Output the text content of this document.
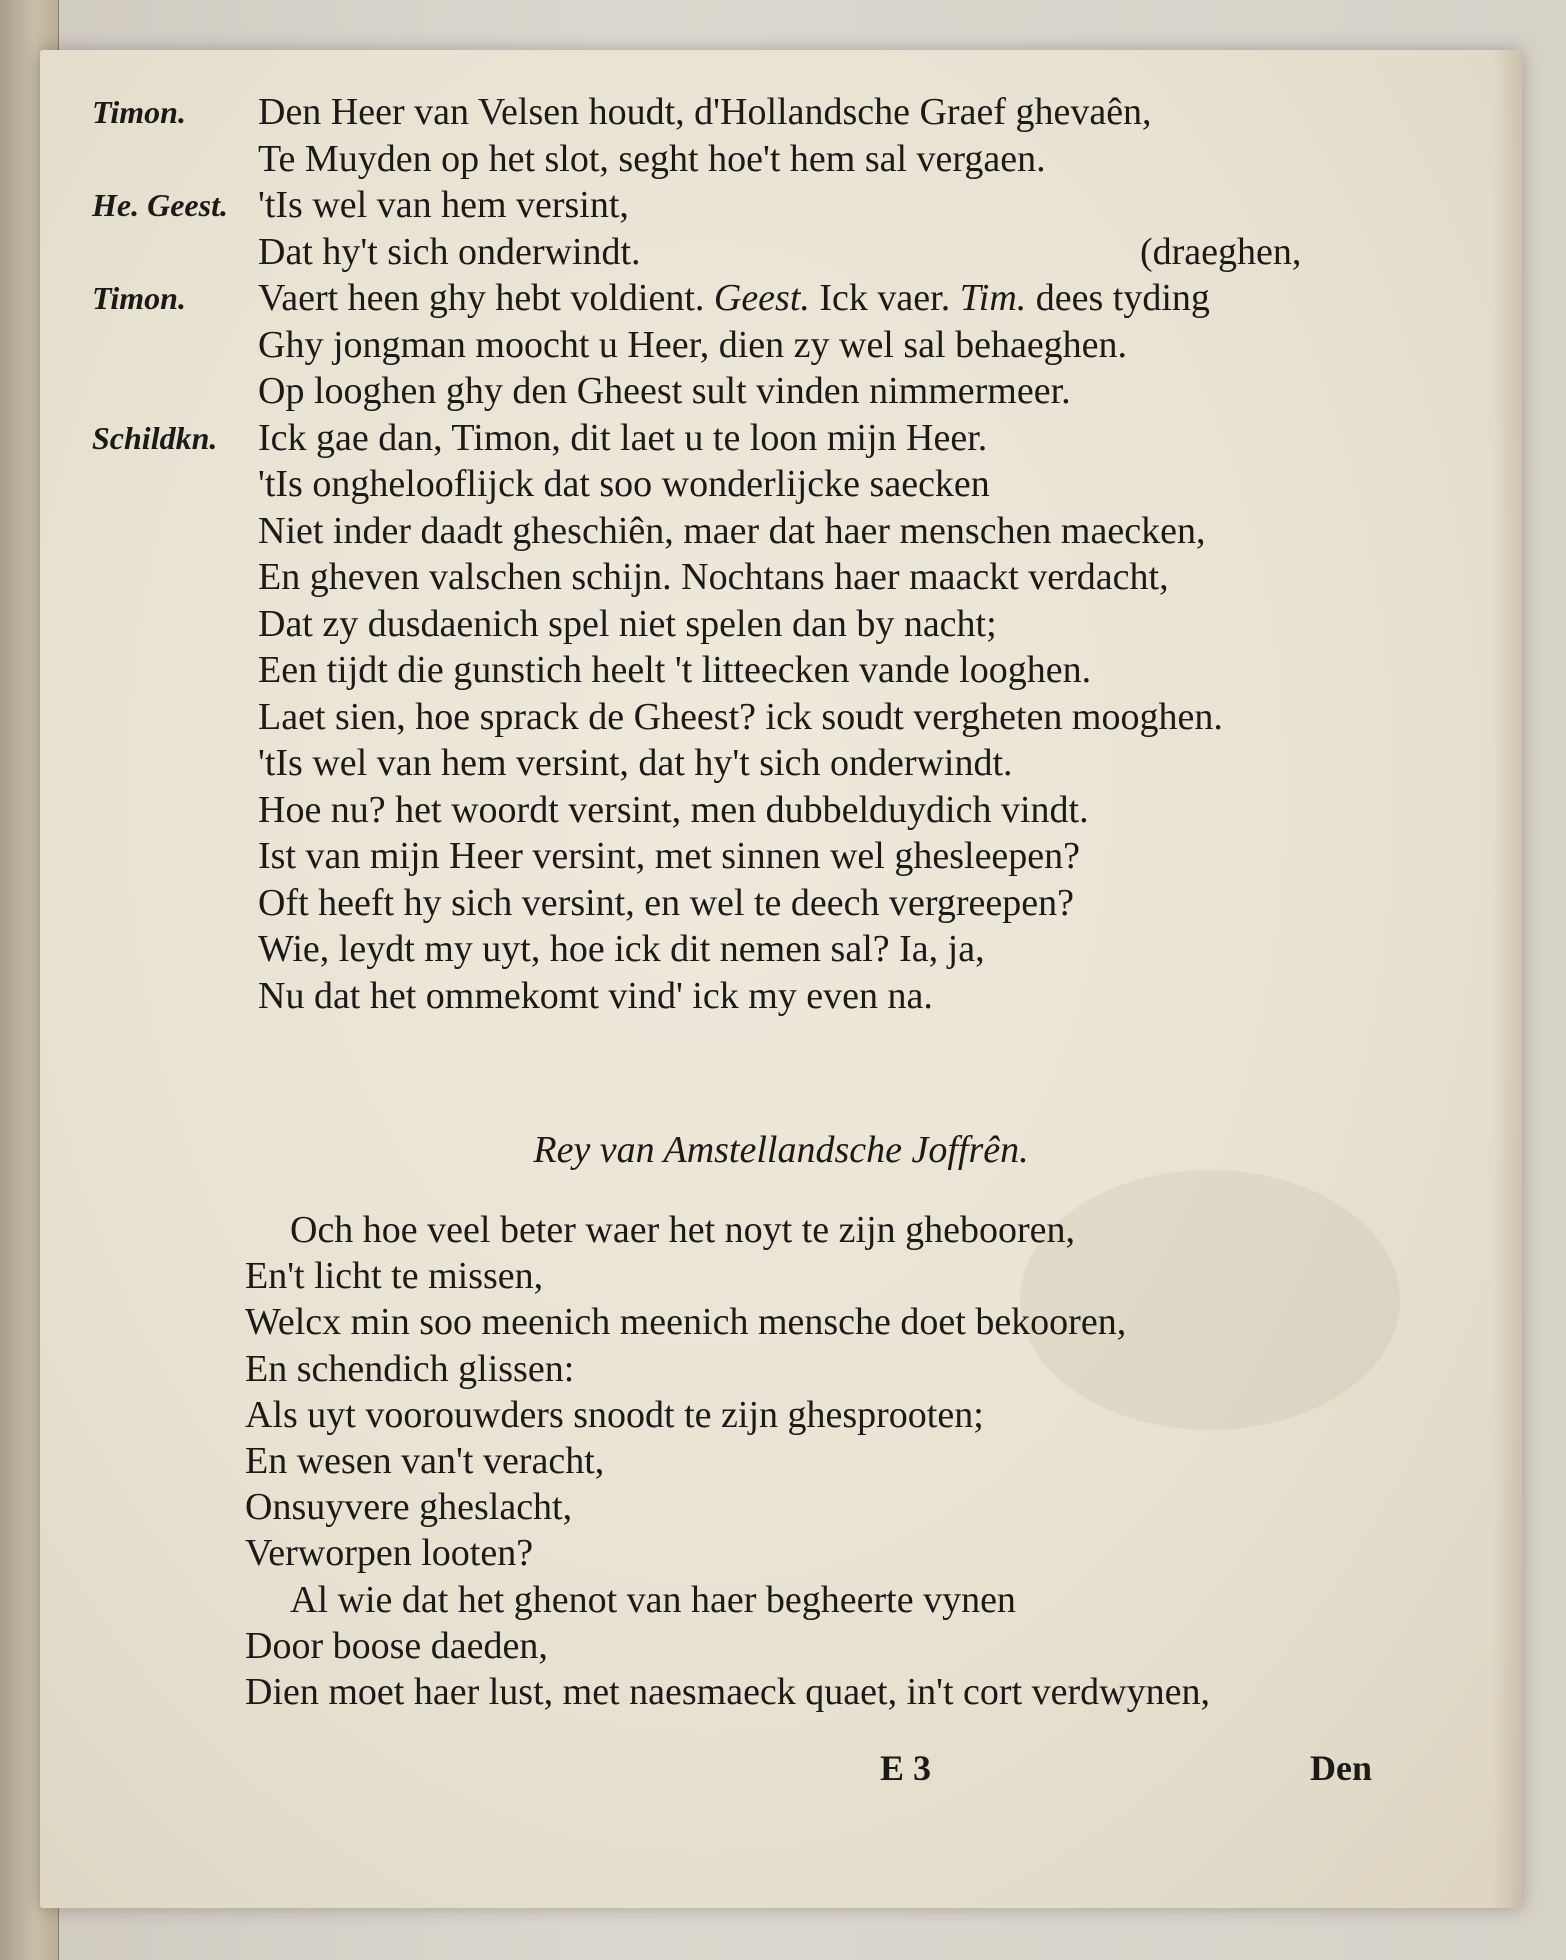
Timon. Den Heer van Velsen houdt, d'Hollandsche Graef ghevaên,
Te Muyden op het slot, seght hoe't hem sal vergaen.
He. Geest. 'tIs wel van hem versint,
Dat hy't sich onderwindt.	(draeghen,
Timon. Vaert heen ghy hebt voldient. Geest. Ick vaer. Tim. dees tyding
Ghy jongman moocht u Heer, dien zy wel sal behaeghen.
Op looghen ghy den Gheest sult vinden nimmermeer.
Schildkn. Ick gae dan, Timon, dit laet u te loon mijn Heer.
'tIs onghelooflijck dat soo wonderlijcke saecken
Niet inder daadt gheschiên, maer dat haer menschen maecken,
En gheven valschen schijn. Nochtans haer maackt verdacht,
Dat zy dusdaenich spel niet spelen dan by nacht;
Een tijdt die gunstich heelt 't litteecken vande looghen.
Laet sien, hoe sprack de Gheest? ick soudt vergheten mooghen.
'tIs wel van hem versint, dat hy't sich onderwindt.
Hoe nu? het woordt versint, men dubbelduydich vindt.
Ist van mijn Heer versint, met sinnen wel ghesleepen?
Oft heeft hy sich versint, en wel te deech vergreepen?
Wie, leydt my uyt, hoe ick dit nemen sal? Ia, ja,
Nu dat het ommekomt vind' ick my even na.
Rey van Amstellandsche Joffrên.
Och hoe veel beter waer het noyt te zijn ghebooren,
En't licht te missen,
Welcx min soo meenich meenich mensche doet bekooren,
En schendich glissen:
Als uyt voorouwders snoodt te zijn ghesprooten;
En wesen van't veracht,
Onsuyvere gheslacht,
Verworpen looten?
Al wie dat het ghenot van haer begheerte vynen
Door boose daeden,
Dien moet haer lust, met naesmaeck quaet, in't cort verdwynen,
E 3	Den
